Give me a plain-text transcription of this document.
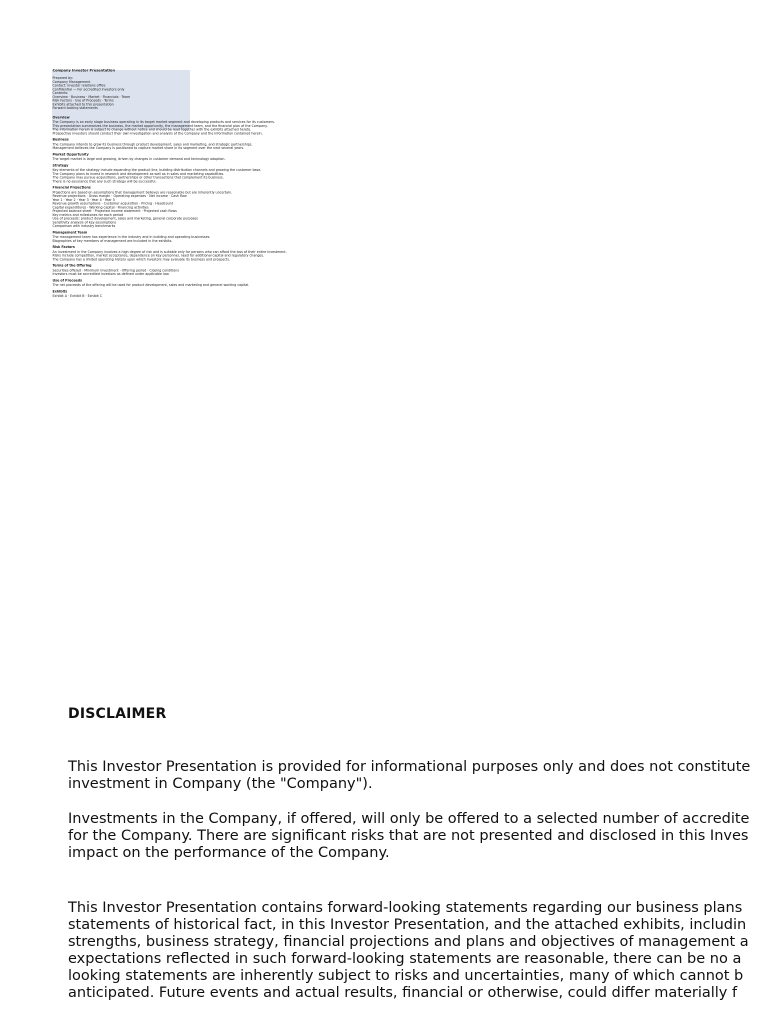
Company Investor Presentation
Prepared by:
Company Management
Contact: investor relations office
Confidential — For accredited investors only
Contents:
Overview · Business · Market · Financials · Team
Risk Factors · Use of Proceeds · Terms
Exhibits attached to this presentation
Forward looking statements
Overview
The Company is an early stage business operating in its target market segment and developing products and services for its customers.
This presentation summarizes the business, the market opportunity, the management team, and the financial plan of the Company.
The information herein is subject to change without notice and should be read together with the exhibits attached hereto.
Prospective investors should conduct their own investigation and analysis of the Company and the information contained herein.
Business
The Company intends to grow its business through product development, sales and marketing, and strategic partnerships.
Management believes the Company is positioned to capture market share in its segment over the next several years.
Market Opportunity
The target market is large and growing, driven by changes in customer demand and technology adoption.
Strategy
Key elements of the strategy include expanding the product line, building distribution channels and growing the customer base.
The Company plans to invest in research and development as well as in sales and marketing capabilities.
The Company may pursue acquisitions, partnerships or other transactions that complement its business.
There is no assurance that any such strategy will be successful.
Financial Projections
Projections are based on assumptions that management believes are reasonable but are inherently uncertain.
Revenue projections · Gross margin · Operating expenses · Net income · Cash flow
Year 1 · Year 2 · Year 3 · Year 4 · Year 5
Revenue growth assumptions · Customer acquisition · Pricing · Headcount
Capital expenditures · Working capital · Financing activities
Projected balance sheet · Projected income statement · Projected cash flows
Key metrics and milestones for each period
Use of proceeds: product development, sales and marketing, general corporate purposes
Sensitivity analysis of key assumptions
Comparison with industry benchmarks
Management Team
The management team has experience in the industry and in building and operating businesses.
Biographies of key members of management are included in the exhibits.
Risk Factors
An investment in the Company involves a high degree of risk and is suitable only for persons who can afford the loss of their entire investment.
Risks include competition, market acceptance, dependence on key personnel, need for additional capital and regulatory changes.
The Company has a limited operating history upon which investors may evaluate its business and prospects.
Terms of the Offering
Securities offered · Minimum investment · Offering period · Closing conditions
Investors must be accredited investors as defined under applicable law.
Use of Proceeds
The net proceeds of the offering will be used for product development, sales and marketing and general working capital.
Exhibits
Exhibit A · Exhibit B · Exhibit C
DISCLAIMER
This Investor Presentation is provided for informational purposes only and does not constitute
investment in Company (the "Company").
Investments in the Company, if offered, will only be offered to a selected number of accredite
for the Company. There are significant risks that are not presented and disclosed in this Inves
impact on the performance of the Company.
This Investor Presentation contains forward-looking statements regarding our business plans
statements of historical fact, in this Investor Presentation, and the attached exhibits, includin
strengths, business strategy, financial projections and plans and objectives of management a
expectations reflected in such forward-looking statements are reasonable, there can be no a
looking statements are inherently subject to risks and uncertainties, many of which cannot b
anticipated. Future events and actual results, financial or otherwise, could differ materially f
